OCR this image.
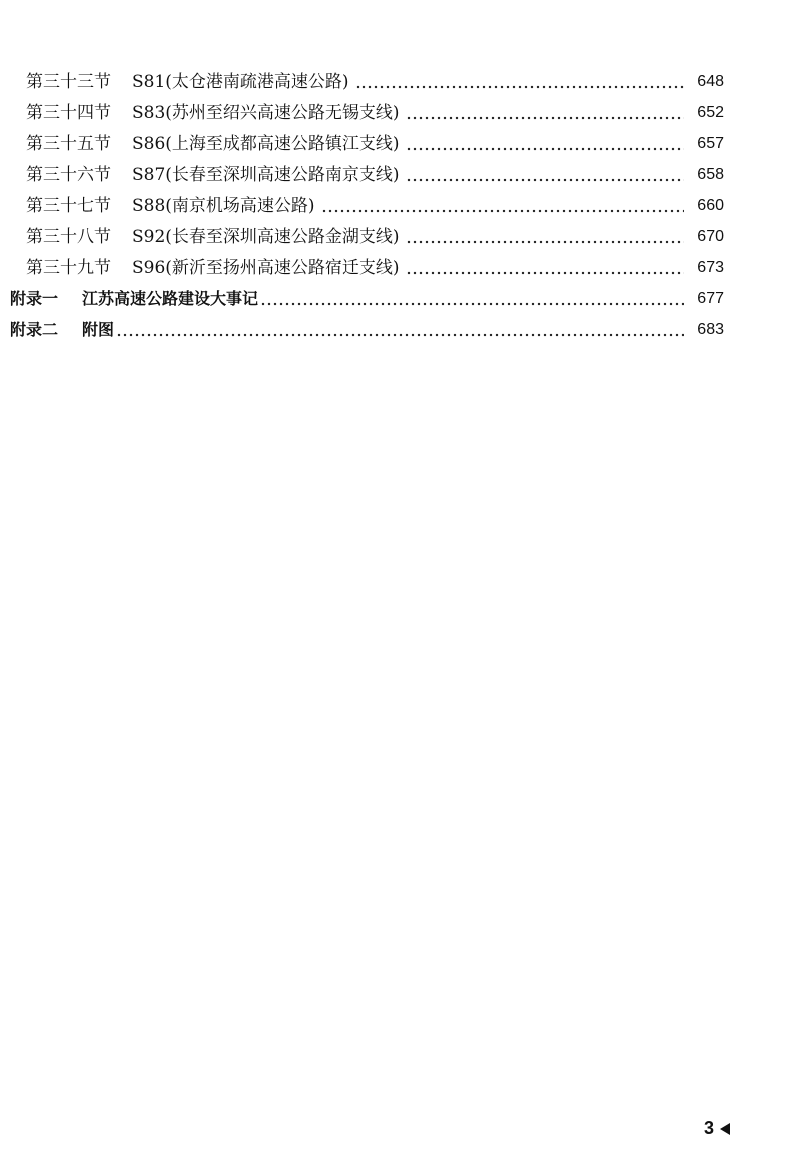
第三十三节	S81(太仓港南疏港高速公路)	648
第三十四节	S83(苏州至绍兴高速公路无锡支线)	652
第三十五节	S86(上海至成都高速公路镇江支线)	657
第三十六节	S87(长春至深圳高速公路南京支线)	658
第三十七节	S88(南京机场高速公路)	660
第三十八节	S92(长春至深圳高速公路金湖支线)	670
第三十九节	S96(新沂至扬州高速公路宿迁支线)	673
附录一	江苏高速公路建设大事记	677
附录二	附图	683
3
